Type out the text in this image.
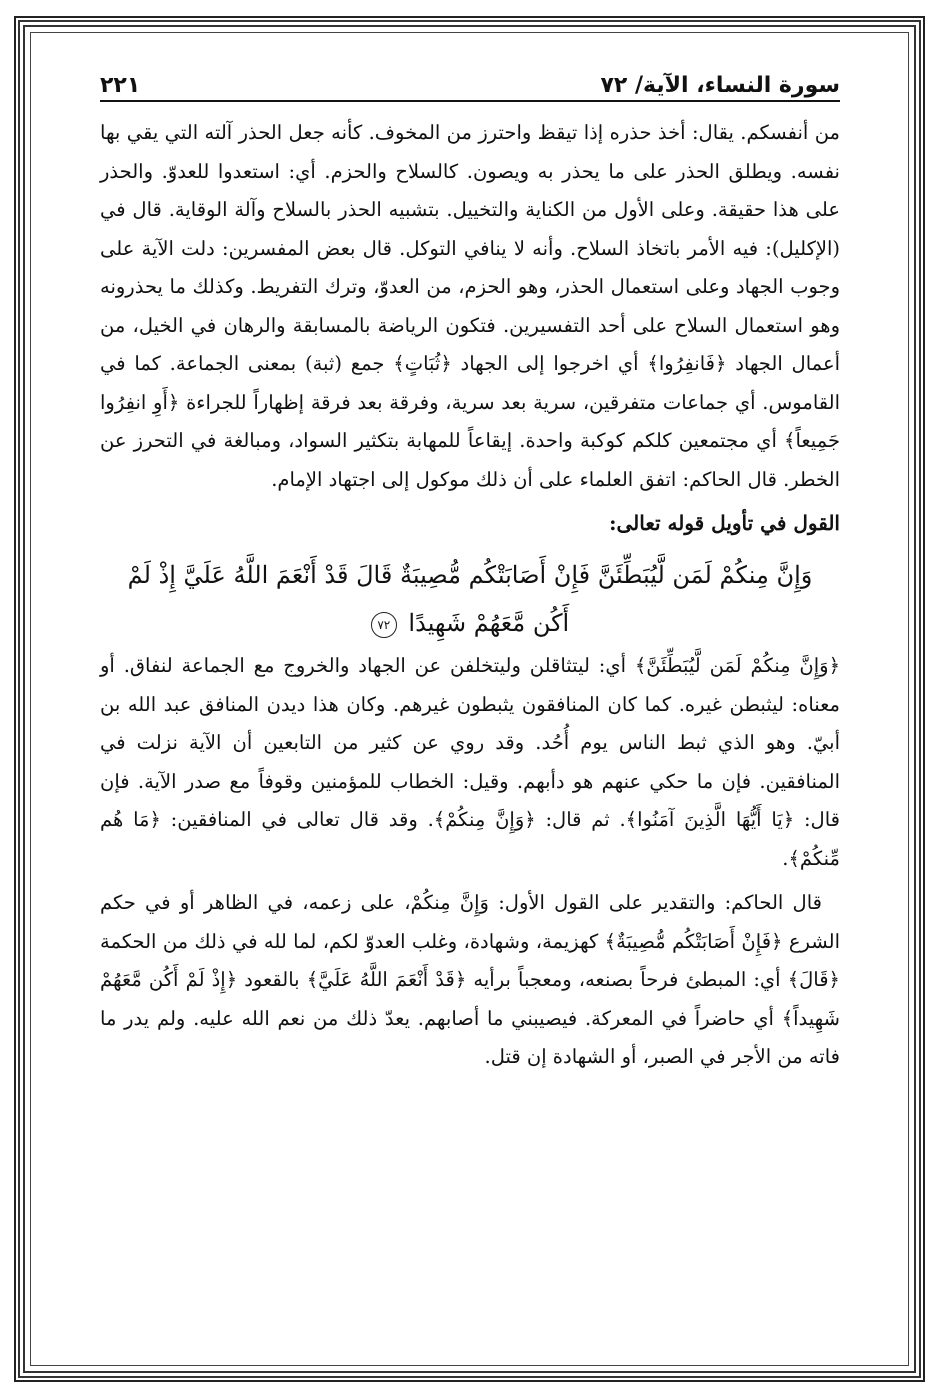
سورة النساء، الآية/ ٧٢
٢٢١

من أنفسكم. يقال: أخذ حذره إذا تيقظ واحترز من المخوف. كأنه جعل الحذر آلته التي يقي بها نفسه. ويطلق الحذر على ما يحذر به ويصون. كالسلاح والحزم. أي: استعدوا للعدوّ. والحذر على هذا حقيقة. وعلى الأول من الكناية والتخييل. بتشبيه الحذر بالسلاح وآلة الوقاية. قال في (الإكليل): فيه الأمر باتخاذ السلاح. وأنه لا ينافي التوكل. قال بعض المفسرين: دلت الآية على وجوب الجهاد وعلى استعمال الحذر، وهو الحزم، من العدوّ، وترك التفريط. وكذلك ما يحذرونه وهو استعمال السلاح على أحد التفسيرين. فتكون الرياضة بالمسابقة والرهان في الخيل، من أعمال الجهاد ﴿فَانفِرُوا﴾ أي اخرجوا إلى الجهاد ﴿ثُبَاتٍ﴾ جمع (ثبة) بمعنى الجماعة. كما في القاموس. أي جماعات متفرقين، سرية بعد سرية، وفرقة بعد فرقة إظهاراً للجراءة ﴿أَوِ انفِرُوا جَمِيعاً﴾ أي مجتمعين كلكم كوكبة واحدة. إيقاعاً للمهابة بتكثير السواد، ومبالغة في التحرز عن الخطر. قال الحاكم: اتفق العلماء على أن ذلك موكول إلى اجتهاد الإمام.

القول في تأويل قوله تعالى:
وَإِنَّ مِنكُمْ لَمَن لَّيُبَطِّئَنَّ فَإِنْ أَصَابَتْكُم مُّصِيبَةٌ قَالَ قَدْ أَنْعَمَ اللَّهُ عَلَيَّ إِذْ لَمْ أَكُن مَّعَهُمْ شَهِيدًا ٧٢

﴿وَإِنَّ مِنكُمْ لَمَن لَّيُبَطِّئَنَّ﴾ أي: ليتثاقلن وليتخلفن عن الجهاد والخروج مع الجماعة لنفاق. أو معناه: ليثبطن غيره. كما كان المنافقون يثبطون غيرهم. وكان هذا ديدن المنافق عبد الله بن أبيّ. وهو الذي ثبط الناس يوم أُحُد. وقد روي عن كثير من التابعين أن الآية نزلت في المنافقين. فإن ما حكي عنهم هو دأبهم. وقيل: الخطاب للمؤمنين وقوفاً مع صدر الآية. فإن قال: ﴿يَا أَيُّهَا الَّذِينَ آمَنُوا﴾. ثم قال: ﴿وَإِنَّ مِنكُمْ﴾. وقد قال تعالى في المنافقين: ﴿مَا هُم مِّنكُمْ﴾.

قال الحاكم: والتقدير على القول الأول: وَإِنَّ مِنكُمْ، على زعمه، في الظاهر أو في حكم الشرع ﴿فَإِنْ أَصَابَتْكُم مُّصِيبَةٌ﴾ كهزيمة، وشهادة، وغلب العدوّ لكم، لما لله في ذلك من الحكمة ﴿قَالَ﴾ أي: المبطئ فرحاً بصنعه، ومعجباً برأيه ﴿قَدْ أَنْعَمَ اللَّهُ عَلَيَّ﴾ بالقعود ﴿إِذْ لَمْ أَكُن مَّعَهُمْ شَهِيداً﴾ أي حاضراً في المعركة. فيصيبني ما أصابهم. يعدّ ذلك من نعم الله عليه. ولم يدر ما فاته من الأجر في الصبر، أو الشهادة إن قتل.
